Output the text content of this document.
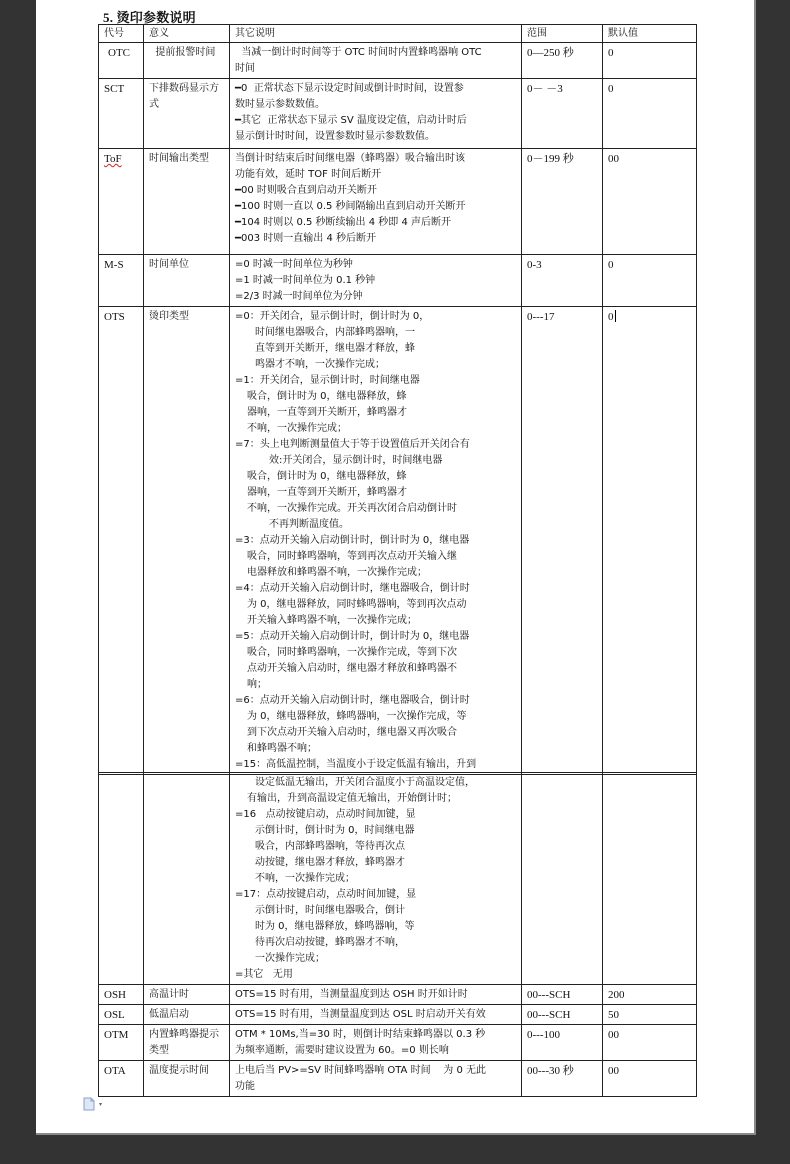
5. 烫印参数说明
代号	意义	其它说明	范围	默认值
OTC	提前报警时间	当减一倒计时时间等于 OTC 时间时内置蜂鸣器响 OTC
时间	0—250 秒	0
SCT	下排数码显示方式	━0  正常状态下显示设定时间或倒计时时间，设置参
数时显示参数数值。
━其它  正常状态下显示 SV 温度设定值，启动计时后
显示倒计时时间，设置参数时显示参数数值。	0－ －3	0
ToF	时间输出类型	当倒计时结束后时间继电器（蜂鸣器）吸合输出时该
功能有效，延时 TOF 时间后断开
━00 时则吸合直到启动开关断开
━100 时则一直以 0.5 秒间隔输出直到启动开关断开
━104 时则以 0.5 秒断续输出 4 秒即 4 声后断开
━003 时则一直输出 4 秒后断开
	0－199 秒	00
M-S	时间单位	=0 时减一时间单位为秒钟
=1 时减一时间单位为 0.1 秒钟
=2/3 时减一时间单位为分钟	0-3	0
OTS	烫印类型	=0：开关闭合，显示倒计时，倒计时为 0，
时间继电器吸合，内部蜂鸣器响，一
直等到开关断开，继电器才释放，蜂
鸣器才不响，一次操作完成；
=1：开关闭合，显示倒计时，时间继电器
吸合，倒计时为 0，继电器释放，蜂
器响，一直等到开关断开，蜂鸣器才
不响，一次操作完成；
=7：头上电判断测量值大于等于设置值后开关闭合有
效:开关闭合，显示倒计时，时间继电器
吸合，倒计时为 0，继电器释放，蜂
器响，一直等到开关断开，蜂鸣器才
不响，一次操作完成。开关再次闭合启动倒计时
不再判断温度值。
=3：点动开关输入启动倒计时，倒计时为 0，继电器
吸合，同时蜂鸣器响，等到再次点动开关输入继
电器释放和蜂鸣器不响，一次操作完成；
=4：点动开关输入启动倒计时，继电器吸合，倒计时
为 0，继电器释放，同时蜂鸣器响，等到再次点动
开关输入蜂鸣器不响，一次操作完成；
=5：点动开关输入启动倒计时，倒计时为 0，继电器
吸合，同时蜂鸣器响，一次操作完成，等到下次
点动开关输入启动时，继电器才释放和蜂鸣器不
响；
=6：点动开关输入启动倒计时，继电器吸合，倒计时
为 0，继电器释放，蜂鸣器响，一次操作完成，等
到下次点动开关输入启动时，继电器又再次吸合
和蜂鸣器不响；
=15：高低温控制，当温度小于设定低温有输出，升到
	0---17	0

设定低温无输出，开关闭合温度小于高温设定值，
有输出，升到高温设定值无输出，开始倒计时；
=16   点动按键启动，点动时间加键，显
示倒计时，倒计时为 0，时间继电器
吸合，内部蜂鸣器响，等待再次点
动按键，继电器才释放，蜂鸣器才
不响，一次操作完成；
=17：点动按键启动，点动时间加键，显
示倒计时，时间继电器吸合，倒计
时为 0，继电器释放，蜂鸣器响，等
待再次启动按键，蜂鸣器才不响，
一次操作完成；
=其它   无用

OSH	高温计时	OTS=15 时有用，当测量温度到达 OSH 时开如计时	00---SCH	200
OSL	低温启动	OTS=15 时有用，当测量温度到达 OSL 时启动开关有效	00---SCH	50
OTM	内置蜂鸣器提示类型	OTM * 10Ms,当=30 时，则倒计时结束蜂鸣器以 0.3 秒
为频率通断，需要时建议设置为 60。=0 则长响	0---100	00
OTA	温度提示时间	上电后当 PV>=SV 时间蜂鸣器响 OTA 时间    为 0 无此
功能	00---30 秒	00
▾
